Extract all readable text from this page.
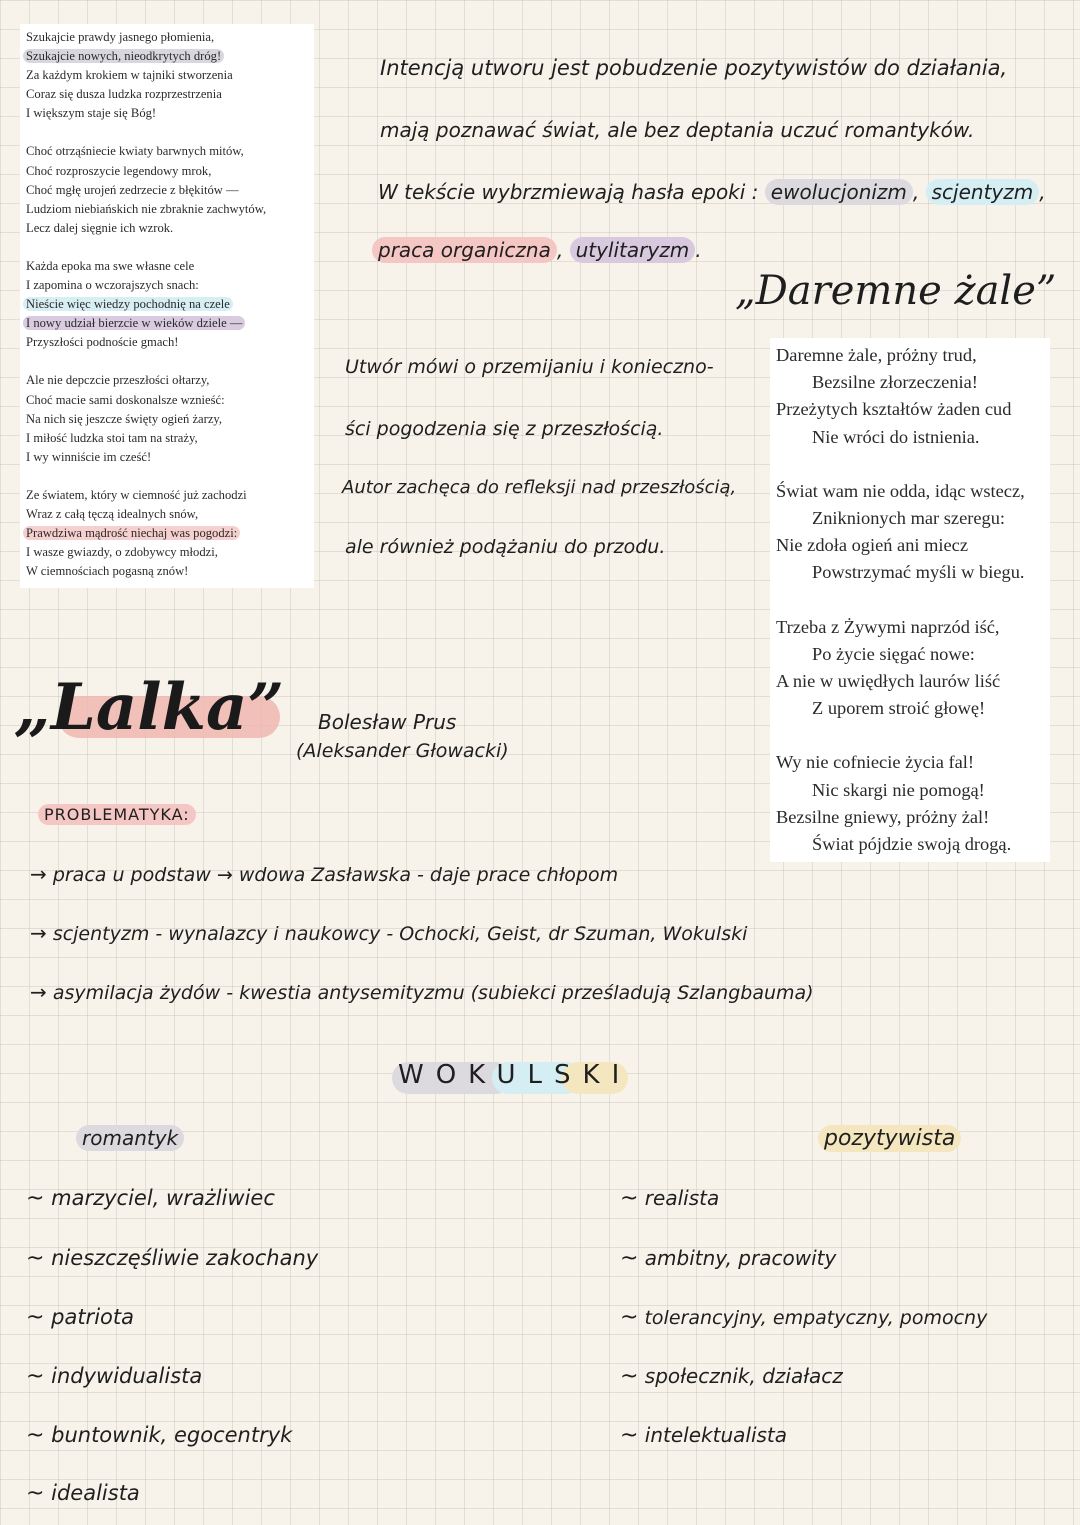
Szukajcie prawdy jasnego płomienia,
Szukajcie nowych, nieodkrytych dróg!
Za każdym krokiem w tajniki stworzenia
Coraz się dusza ludzka rozprzestrzenia
I większym staje się Bóg!
Choć otrząśniecie kwiaty barwnych mitów,
Choć rozproszycie legendowy mrok,
Choć mgłę urojeń zedrzecie z błękitów —
Ludziom niebiańskich nie zbraknie zachwytów,
Lecz dalej sięgnie ich wzrok.
Każda epoka ma swe własne cele
I zapomina o wczorajszych snach:
Nieście więc wiedzy pochodnię na czele
I nowy udział bierzcie w wieków dziele —
Przyszłości podnoście gmach!
Ale nie depczcie przeszłości ołtarzy,
Choć macie sami doskonalsze wznieść:
Na nich się jeszcze święty ogień żarzy,
I miłość ludzka stoi tam na straży,
I wy winniście im cześć!
Ze światem, który w ciemność już zachodzi
Wraz z całą tęczą idealnych snów,
Prawdziwa mądrość niechaj was pogodzi:
I wasze gwiazdy, o zdobywcy młodzi,
W ciemnościach pogasną znów!
Intencją utworu jest pobudzenie pozytywistów do działania,
mają poznawać świat, ale bez deptania uczuć romantyków.
W tekście wybrzmiewają hasła epoki : ewolucjonizm , scjentyzm ,
praca organiczna , utylitaryzm .
„Daremne żale”
Utwór mówi o przemijaniu i konieczno-
ści pogodzenia się z przeszłością.
Autor zachęca do refleksji nad przeszłością,
ale również podążaniu do przodu.
Daremne żale, próżny trud,
Bezsilne złorzeczenia!
Przeżytych kształtów żaden cud
Nie wróci do istnienia.
Świat wam nie odda, idąc wstecz,
Zniknionych mar szeregu:
Nie zdoła ogień ani miecz
Powstrzymać myśli w biegu.
Trzeba z Żywymi naprzód iść,
Po życie sięgać nowe:
A nie w uwiędłych laurów liść
Z uporem stroić głowę!
Wy nie cofniecie życia fal!
Nic skargi nie pomogą!
Bezsilne gniewy, próżny żal!
Świat pójdzie swoją drogą.
„Lalka” Bolesław Prus
(Aleksander Głowacki)
PROBLEMATYKA:
→ praca u podstaw → wdowa Zasławska - daje prace chłopom
→ scjentyzm - wynalazcy i naukowcy - Ochocki, Geist, dr Szuman, Wokulski
→ asymilacja żydów - kwestia antysemityzmu (subiekci prześladują Szlangbauma)
WOKULSKI
romantyk	pozytywista
~ marzyciel, wrażliwiec
~ nieszczęśliwie zakochany
~ patriota
~ indywidualista
~ buntownik, egocentryk
~ idealista
~ realista
~ ambitny, pracowity
~ tolerancyjny, empatyczny, pomocny
~ społecznik, działacz
~ intelektualista
